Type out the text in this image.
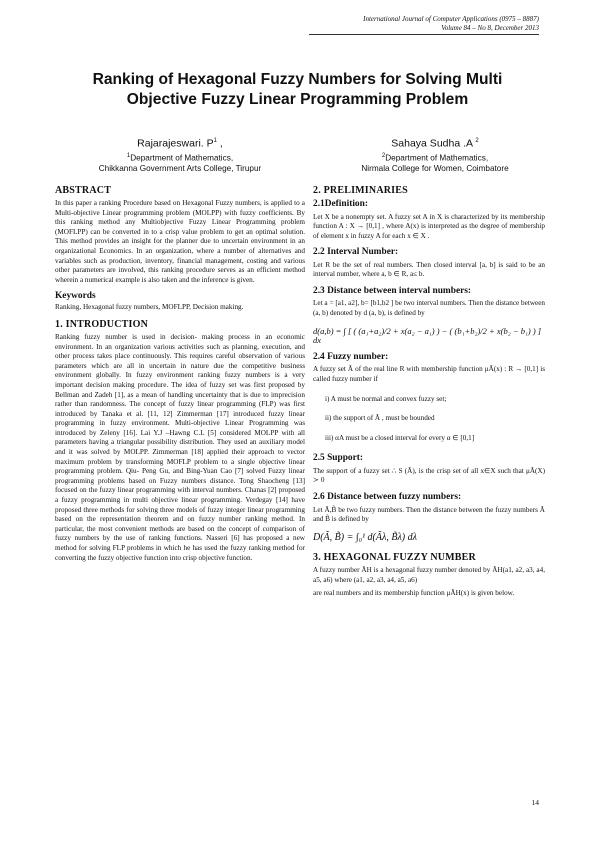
International Journal of Computer Applications (0975 – 8887)
Volume 84 – No 8, December 2013
Ranking of Hexagonal Fuzzy Numbers for Solving Multi
Objective Fuzzy Linear Programming Problem
Rajarajeswari. $P^1$ ,
$^1$Department of Mathematics,
Chikkanna Government Arts College, Tirupur
Sahaya Sudha .A $^2$
$^2$Department of Mathematics,
Nirmala College for Women, Coimbatore
ABSTRACT

In this paper a ranking Procedure based on Hexagonal Fuzzy numbers, is applied to a Multi-objective Linear programming problem (MOLPP) with fuzzy coefficients. By this ranking method any Multiobjective Fuzzy Linear Programming problem (MOFLPP) can be converted in to a crisp value problem to get an optimal solution. This method provides an insight for the planner due to uncertain environment in an organizational Economics. In an organization, where a number of alternatives and variables such as production, inventory, financial management, costing and various other parameters are involved, this ranking procedure serves as an efficient method wherein a numerical example is also taken and the inference is given.

Keywords

Ranking, Hexagonal fuzzy numbers, MOFLPP, Decision making.

1. INTRODUCTION

Ranking fuzzy number is used in decision- making process in an economic environment. In an organization various activities such as planning, execution, and other process takes place continuously. This requires careful observation of various parameters which are all in uncertain in nature due the competitive business environment globally. In fuzzy environment ranking fuzzy numbers is a very important decision making procedure. The idea of fuzzy set was first proposed by Bellman and Zadeh [1], as a mean of handling uncertainty that is due to imprecision rather than randomness. The concept of fuzzy linear programming (FLP) was first introduced by Tanaka et al. [11, 12] Zimmerman [17] introduced fuzzy linear programming in fuzzy environment. Multi-objective Linear Programming was introduced by Zeleny [16]. Lai Y.J –Hawng C.L [5] considered MOLPP with all parameters having a triangular possibility distribution. They used an auxiliary model and it was solved by MOLPP. Zimmerman [18] applied their approach to vector maximum problem by transforming MOFLP problem to a single objective linear programming problem. Qiu- Peng Gu, and Bing-Yuan Cao [7] solved Fuzzy linear programming problems based on Fuzzy numbers distance. Tong Shaocheng [13] focused on the fuzzy linear programming with interval numbers. Chanas [2] proposed a fuzzy programming in multi objective linear programming. Verdegay [14] have proposed three methods for solving three models of fuzzy integer linear programming based on the representation theorem and on fuzzy number ranking method. In particular, the most convenient methods are based on the concept of comparison of fuzzy numbers by the use of ranking functions. Nasseri [6] has proposed a new method for solving FLP problems in which he has used the fuzzy ranking method for converting the fuzzy objective function into crisp objective function.

2. PRELIMINARIES
2.1Definition:

Let X be a nonempty set. A fuzzy set A in X is characterized by its membership function A : X → [0,1] , where A(x) is interpreted as the degree of membership of element x in fuzzy A for each x ∈ X .

2.2 Interval Number:

Let R be the set of real numbers. Then closed interval [a, b] is said to be an interval number, where a, b ∈ R, a≤ b.

2.3 Distance between interval numbers:

Let a = [a1, a2], b= [b1,b2 ] be two interval numbers. Then the distance between (a, b) denoted by d (a, b), is defined by

d(a,b) = ∫ [ ( (a₁+a₂)/2 + x(a₂ − a₁) ) − ( (b₁+b₂)/2 + x(b₂ − b₁) ) ] dx
2.4 Fuzzy number:

A fuzzy set Ã of the real line R with membership function μÃ(x) : R → [0,1] is called fuzzy number if

i) A must be normal and convex fuzzy set;
ii) the support of Ã , must be bounded
iii) αA must be a closed interval for every α ∈ [0,1]
2.5 Support:

The support of a fuzzy set ∴ S (Ã), is the crisp set of all x∈X such that μÃ(X) ≻ 0

2.6 Distance between fuzzy numbers:

Let Ã,B̃ be two fuzzy numbers. Then the distance between the fuzzy numbers Ã and B̃ is defined by

D(Ã, B̃) = ∫₀¹ d(Ãλ, B̃λ) dλ
3. HEXAGONAL FUZZY NUMBER

A fuzzy number ÃH is a hexagonal fuzzy number denoted by ÃH(a1, a2, a3, a4, a5, a6) where (a1, a2, a3, a4, a5, a6)

are real numbers and its membership function μÃH(x) is given below.

14
